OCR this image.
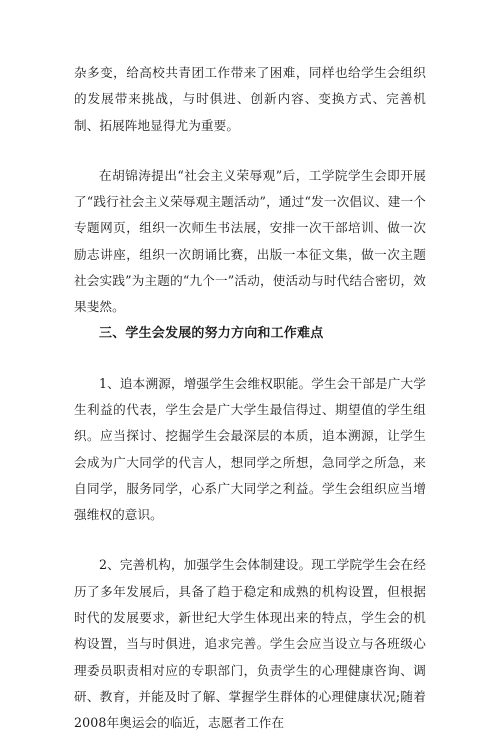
杂多变，给高校共青团工作带来了困难，同样也给学生会组织的发展带来挑战，与时俱进、创新内容、变换方式、完善机制、拓展阵地显得尤为重要。

在胡锦涛提出“社会主义荣辱观”后，工学院学生会即开展了“践行社会主义荣辱观主题活动”，通过“发一次倡议、建一个专题网页，组织一次师生书法展，安排一次干部培训、做一次励志讲座，组织一次朗诵比赛，出版一本征文集，做一次主题社会实践”为主题的“九个一”活动，使活动与时代结合密切，效果斐然。

三、学生会发展的努力方向和工作难点

1、追本溯源，增强学生会维权职能。学生会干部是广大学生利益的代表，学生会是广大学生最信得过、期望值的学生组织。应当探讨、挖掘学生会最深层的本质，追本溯源，让学生会成为广大同学的代言人，想同学之所想，急同学之所急，来自同学，服务同学，心系广大同学之利益。学生会组织应当增强维权的意识。

2、完善机构，加强学生会体制建设。现工学院学生会在经历了多年发展后，具备了趋于稳定和成熟的机构设置，但根据时代的发展要求，新世纪大学生体现出来的特点，学生会的机构设置，当与时俱进，追求完善。学生会应当设立与各班级心理委员职责相对应的专职部门，负责学生的心理健康咨询、调研、教育，并能及时了解、掌握学生群体的心理健康状况;随着2008年奥运会的临近，志愿者工作在
